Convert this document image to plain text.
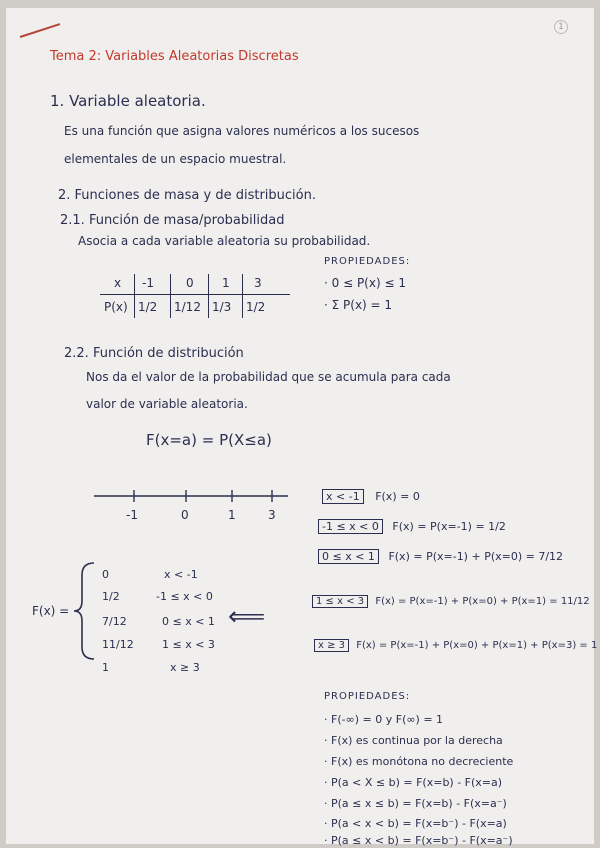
1
Tema 2: Variables Aleatorias Discretas
1. Variable aleatoria.
Es una función que asigna valores numéricos a los sucesos
elementales de un espacio muestral.
2. Funciones de masa y de distribución.
2.1. Función de masa/probabilidad
Asocia a cada variable aleatoria su probabilidad.
x -1	0 1 3
P(x) 1/2 1/12 1/3 1/2
PROPIEDADES:
· 0 ≤ P(x) ≤ 1
· Σ P(x) = 1
2.2. Función de distribución
Nos da el valor de la probabilidad que se acumula para cada
valor de variable aleatoria.
F(x=a) = P(X≤a)
-1	0	1	3
x < -1 F(x) = 0
-1 ≤ x < 0 F(x) = P(x=-1) = 1/2
0 ≤ x < 1 F(x) = P(x=-1) + P(x=0) = 7/12
1 ≤ x < 3 F(x) = P(x=-1) + P(x=0) + P(x=1) = 11/12
x ≥ 3 F(x) = P(x=-1) + P(x=0) + P(x=1) + P(x=3) = 1
F(x) =
0	x < -1
1/2	-1 ≤ x < 0
7/12	0 ≤ x < 1
11/12	1 ≤ x < 3
1	x ≥ 3
⟸
PROPIEDADES:
· F(-∞) = 0 y F(∞) = 1
· F(x) es continua por la derecha
· F(x) es monótona no decreciente
· P(a < X ≤ b) = F(x=b) - F(x=a)
· P(a ≤ x ≤ b) = F(x=b) - F(x=a⁻)
· P(a < x < b) = F(x=b⁻) - F(x=a)
· P(a ≤ x < b) = F(x=b⁻) - F(x=a⁻)
